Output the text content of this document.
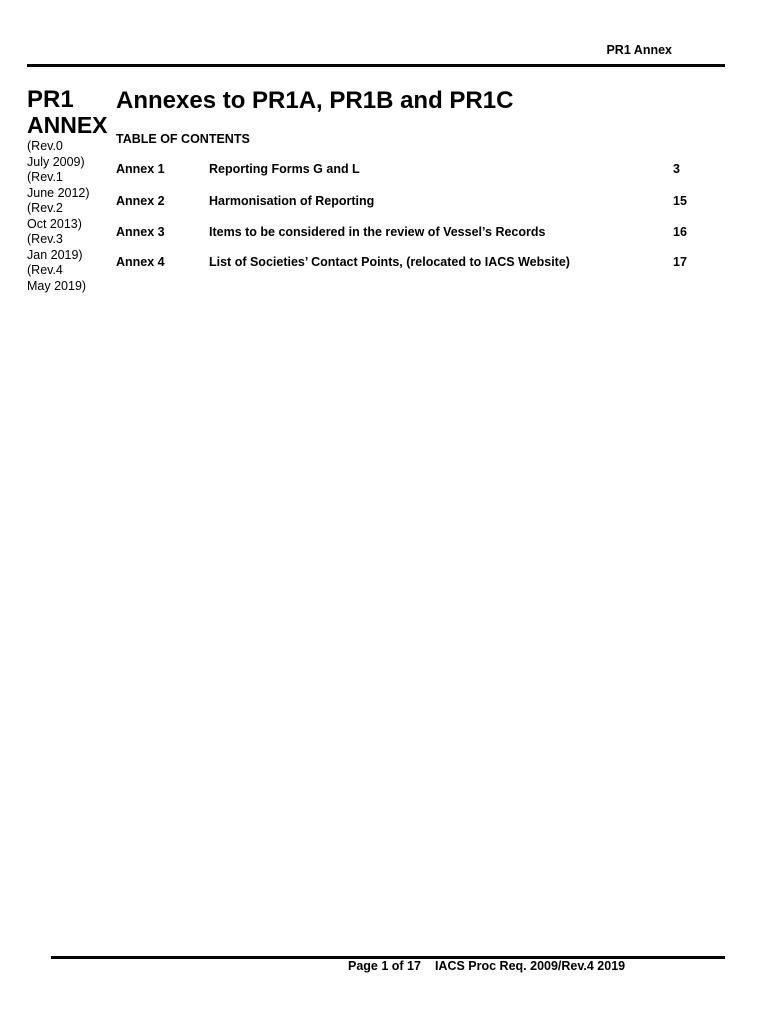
PR1 Annex
PR1
ANNEX
(Rev.0
July 2009)
(Rev.1
June 2012)
(Rev.2
Oct 2013)
(Rev.3
Jan 2019)
(Rev.4
May 2019)
Annexes to PR1A, PR1B and PR1C
TABLE OF CONTENTS
Annex 1	Reporting Forms G and L	3
Annex 2	Harmonisation of Reporting	15
Annex 3	Items to be considered in the review of Vessel’s Records	16
Annex 4	List of Societies’ Contact Points, (relocated to IACS Website)	17
Page 1 of 17 IACS Proc Req. 2009/Rev.4 2019
